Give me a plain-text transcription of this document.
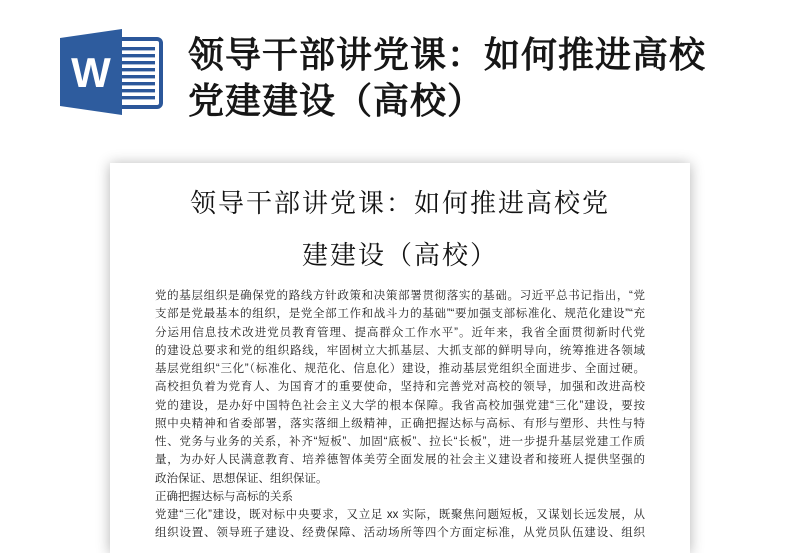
W 领导干部讲党课：如何推进高校
党建建设（高校）
领导干部讲党课：如何推进高校党
建建设（高校）
党的基层组织是确保党的路线方针政策和决策部署贯彻落实的基础。习近平总书记指出，“党
支部是党最基本的组织，是党全部工作和战斗力的基础”“要加强支部标准化、规范化建设”“充
分运用信息技术改进党员教育管理、提高群众工作水平”。近年来，我省全面贯彻新时代党
的建设总要求和党的组织路线，牢固树立大抓基层、大抓支部的鲜明导向，统筹推进各领域
基层党组织“三化”（标准化、规范化、信息化）建设，推动基层党组织全面进步、全面过硬。
高校担负着为党育人、为国育才的重要使命，坚持和完善党对高校的领导，加强和改进高校
党的建设，是办好中国特色社会主义大学的根本保障。我省高校加强党建“三化”建设，要按
照中央精神和省委部署，落实落细上级精神，正确把握达标与高标、有形与塑形、共性与特
性、党务与业务的关系，补齐“短板”、加固“底板”、拉长“长板”，进一步提升基层党建工作质
量，为办好人民满意教育、培养德智体美劳全面发展的社会主义建设者和接班人提供坚强的
政治保证、思想保证、组织保证。
正确把握达标与高标的关系
党建“三化”建设，既对标中央要求，又立足 xx 实际，既聚焦问题短板，又谋划长远发展，从
组织设置、领导班子建设、经费保障、活动场所等四个方面定标准，从党员队伍建设、组织
